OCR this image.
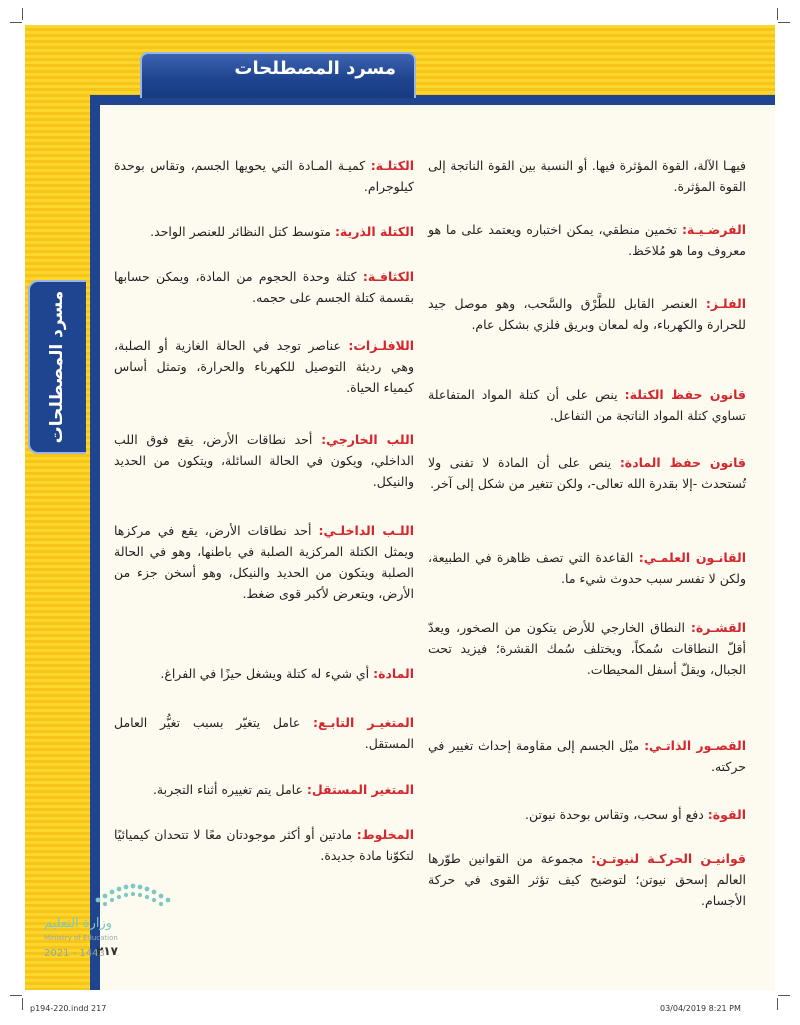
مسرد المصطلحات
مسرد المصطلحات
فيهـا الآلة، القوة المؤثرة فيها. أو النسبة بين القوة الناتجة إلى القوة المؤثرة.
الفرضـيـة: تخمين منطقي، يمكن اختباره ويعتمد على ما هو معروف وما هو مُلاحَظ.
الفلـز: العنصر القابل للطَّرْق والسَّحب، وهو موصل جيد للحرارة والكهرباء، وله لمعان وبريق فلزي بشكل عام.
قانون حفظ الكتلة: ينص على أن كتلة المواد المتفاعلة تساوي كتلة المواد الناتجة من التفاعل.
قانون حفظ المادة: ينص على أن المادة لا تفنى ولا تُستحدث -إلا بقدرة الله تعالى-، ولكن تتغير من شكل إلى آخر.
القانـون العلمـي: القاعدة التي تصف ظاهرة في الطبيعة، ولكن لا تفسر سبب حدوث شيء ما.
القشـرة: النطاق الخارجي للأرض يتكون من الصخور، ويعدّ أقلّ النطاقات سُمكاً، ويختلف سُمك القشرة؛ فيزيد تحت الجبال، ويقلّ أسفل المحيطات.
القصـور الذاتـي: ميْل الجسم إلى مقاومة إحداث تغيير في حركته.
القوة: دفع أو سحب، وتقاس بوحدة نيوتن.
قوانيـن الحركـة لنيوتـن: مجموعة من القوانين طوّرها العالم إسحق نيوتن؛ لتوضيح كيف تؤثر القوى في حركة الأجسام.
الكتلـة: كميـة المـادة التي يحويها الجسم، وتقاس بوحدة كيلوجرام.
الكتلة الذرية: متوسط كتل النظائر للعنصر الواحد.
الكثافـة: كتلة وحدة الحجوم من المادة، ويمكن حسابها بقسمة كتلة الجسم على حجمه.
اللافلـزات: عناصر توجد في الحالة الغازية أو الصلبة، وهي رديئة التوصيل للكهرباء والحرارة، وتمثل أساس كيمياء الحياة.
اللب الخارجي: أحد نطاقات الأرض، يقع فوق اللب الداخلي، ويكون في الحالة السائلة، ويتكون من الحديد والنيكل.
اللـب الداخلـي: أحد نطاقات الأرض، يقع في مركزها ويمثل الكتلة المركزية الصلبة في باطنها، وهو في الحالة الصلبة ويتكون من الحديد والنيكل، وهو أسخن جزء من الأرض، ويتعرض لأكبر قوى ضغط.
المادة: أي شيء له كتلة ويشغل حيزًا في الفراغ.
المتغيـر التابـع: عامل يتغيّر بسبب تغيُّر العامل المستقل.
المتغير المستقل: عامل يتم تغييره أثناء التجربة.
المخلوط: مادتين أو أكثر موجودتان معًا لا تتحدان كيميائيًا لتكوّنا مادة جديدة.
وزارة التعليم
Ministry of Education
2021 - 1443
٢١٧
p194-220.indd 217	03/04/2019 8:21 PM
